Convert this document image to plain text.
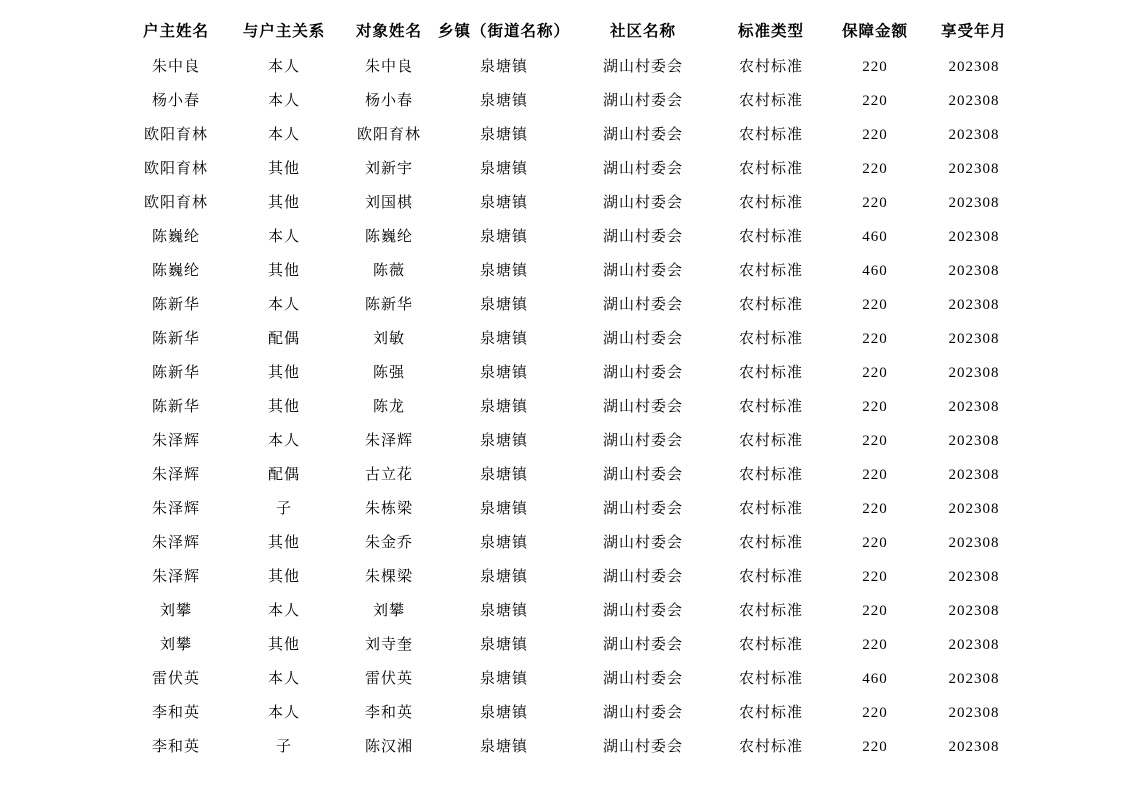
户主姓名	与户主关系	对象姓名	乡镇（街道名称）	社区名称	标准类型	保障金额	享受年月
朱中良	本人	朱中良	泉塘镇	湖山村委会	农村标准	220	202308
杨小春	本人	杨小春	泉塘镇	湖山村委会	农村标准	220	202308
欧阳育林	本人	欧阳育林	泉塘镇	湖山村委会	农村标准	220	202308
欧阳育林	其他	刘新宇	泉塘镇	湖山村委会	农村标准	220	202308
欧阳育林	其他	刘国棋	泉塘镇	湖山村委会	农村标准	220	202308
陈巍纶	本人	陈巍纶	泉塘镇	湖山村委会	农村标准	460	202308
陈巍纶	其他	陈薇	泉塘镇	湖山村委会	农村标准	460	202308
陈新华	本人	陈新华	泉塘镇	湖山村委会	农村标准	220	202308
陈新华	配偶	刘敏	泉塘镇	湖山村委会	农村标准	220	202308
陈新华	其他	陈强	泉塘镇	湖山村委会	农村标准	220	202308
陈新华	其他	陈龙	泉塘镇	湖山村委会	农村标准	220	202308
朱泽辉	本人	朱泽辉	泉塘镇	湖山村委会	农村标准	220	202308
朱泽辉	配偶	古立花	泉塘镇	湖山村委会	农村标准	220	202308
朱泽辉	子	朱栋梁	泉塘镇	湖山村委会	农村标准	220	202308
朱泽辉	其他	朱金乔	泉塘镇	湖山村委会	农村标准	220	202308
朱泽辉	其他	朱棵梁	泉塘镇	湖山村委会	农村标准	220	202308
刘攀	本人	刘攀	泉塘镇	湖山村委会	农村标准	220	202308
刘攀	其他	刘寺奎	泉塘镇	湖山村委会	农村标准	220	202308
雷伏英	本人	雷伏英	泉塘镇	湖山村委会	农村标准	460	202308
李和英	本人	李和英	泉塘镇	湖山村委会	农村标准	220	202308
李和英	子	陈汉湘	泉塘镇	湖山村委会	农村标准	220	202308
